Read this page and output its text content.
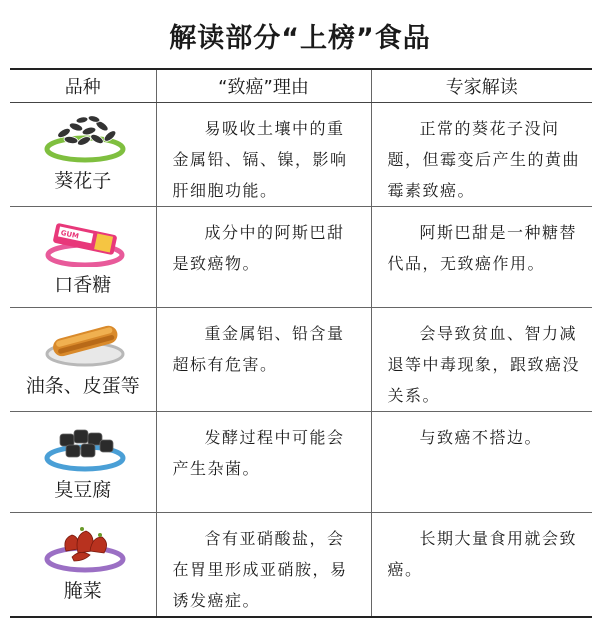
解读部分“上榜”食品
品种	“致癌”理由	专家解读

葵花子	易吸收土壤中的重金属铅、镉、镍，影响肝细胞功能。	正常的葵花子没问题，但霉变后产生的黄曲霉素致癌。

GUM
口香糖	成分中的阿斯巴甜是致癌物。	阿斯巴甜是一种糖替代品，无致癌作用。

油条、皮蛋等	重金属铝、铅含量超标有危害。	会导致贫血、智力减退等中毒现象，跟致癌没关系。

臭豆腐	发酵过程中可能会产生杂菌。	与致癌不搭边。

腌菜	含有亚硝酸盐，会在胃里形成亚硝胺，易诱发癌症。	长期大量食用就会致癌。
